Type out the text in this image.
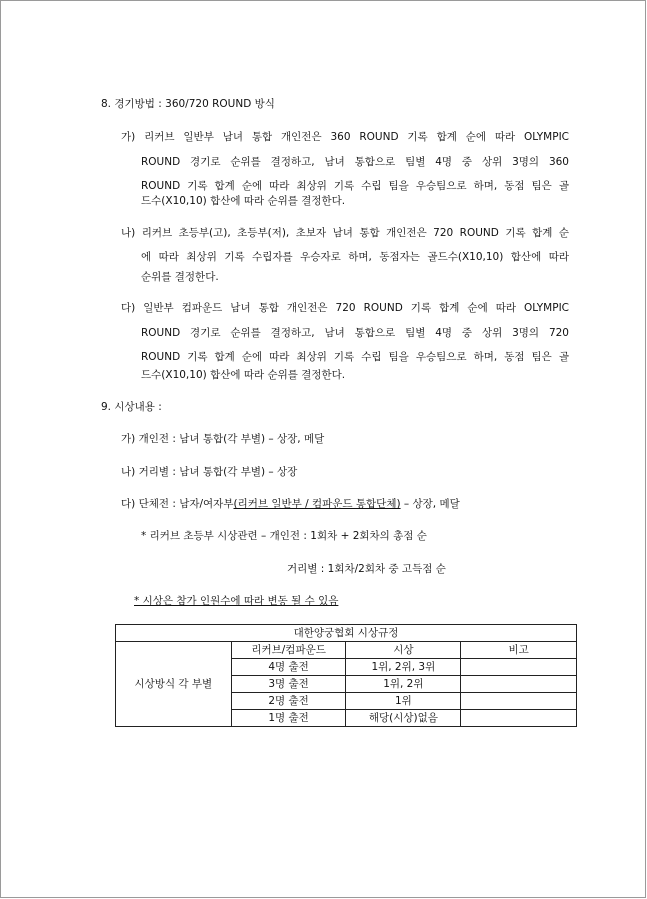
8. 경기방법 : 360/720 ROUND 방식
가) 리커브 일반부 남녀 통합 개인전은 360 ROUND 기록 합계 순에 따라 OLYMPIC
ROUND 경기로 순위를 결정하고, 남녀 통합으로 팀별 4명 중 상위 3명의 360
ROUND 기록 합계 순에 따라 최상위 기록 수립 팀을 우승팀으로 하며, 동점 팀은 골
드수(X10,10) 합산에 따라 순위를 결정한다.
나) 리커브 초등부(고), 초등부(저), 초보자 남녀 통합 개인전은 720 ROUND 기록 합계 순
에 따라 최상위 기록 수립자를 우승자로 하며, 동점자는 골드수(X10,10) 합산에 따라
순위를 결정한다.
다) 일반부 컴파운드 남녀 통합 개인전은 720 ROUND 기록 합계 순에 따라 OLYMPIC
ROUND 경기로 순위를 결정하고, 남녀 통합으로 팀별 4명 중 상위 3명의 720
ROUND 기록 합계 순에 따라 최상위 기록 수립 팀을 우승팀으로 하며, 동점 팀은 골
드수(X10,10) 합산에 따라 순위를 결정한다.
9. 시상내용 :
가) 개인전 : 남녀 통합(각 부별) – 상장, 메달
나) 거리별 : 남녀 통합(각 부별) – 상장
다) 단체전 : 남자/여자부(리커브 일반부 / 컴파운드 통합단체) – 상장, 메달
* 리커브 초등부 시상관련 – 개인전 : 1회차 + 2회차의 총점 순
거리별 : 1회차/2회차 중 고득점 순
* 시상은 참가 인원수에 따라 변동 될 수 있음
대한양궁협회 시상규정			
시상방식 각 부별	리커브/컴파운드	시상	비고
	4명 출전	1위, 2위, 3위	
	3명 출전	1위, 2위	
	2명 출전	1위	
	1명 출전	해당(시상)없음	
